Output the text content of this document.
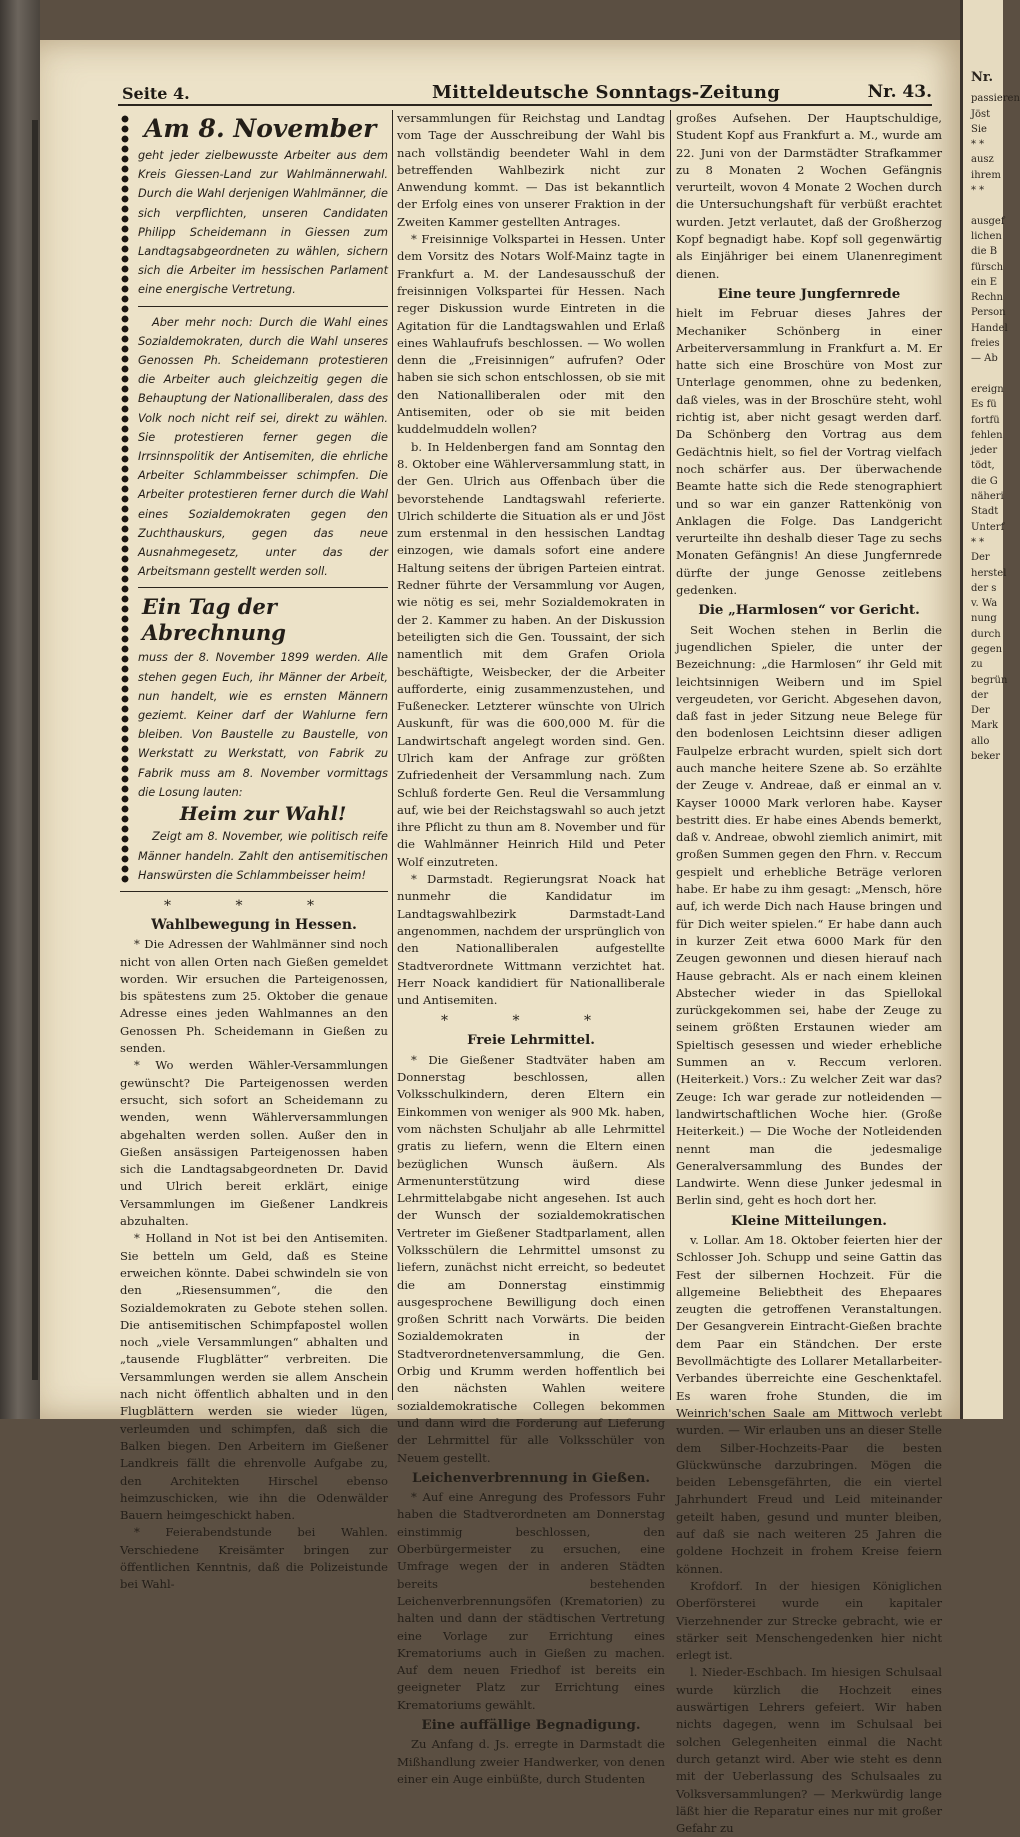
Nr.
passieren
Jöst
Sie
* *
ausz
ihrem
* *

ausgef
lichen
die B
fürsch
ein E
Rechn
Person
Handel
freies
— Ab

ereign
Es fü
fortfü
fehlen
jeder
tödt,
die G
näheri
Stadt
Unterf
* *
Der
herstel
der s
v. Wa
nung
durch
gegen
zu
begrün
der
Der
Mark
allo
beker
Seite 4.	Mitteldeutsche Sonntags-Zeitung	Nr. 43.
Am 8. November

geht jeder zielbewusste Arbeiter aus dem Kreis Giessen-Land zur Wahlmännerwahl. Durch die Wahl derjenigen Wahlmänner, die sich verpflichten, unseren Candidaten Philipp Scheidemann in Giessen zum Landtagsabgeordneten zu wählen, sichern sich die Arbeiter im hessischen Parlament eine energische Vertretung.

Aber mehr noch: Durch die Wahl eines Sozialdemokraten, durch die Wahl unseres Genossen Ph. Scheidemann protestieren die Arbeiter auch gleichzeitig gegen die Behauptung der Nationalliberalen, dass des Volk noch nicht reif sei, direkt zu wählen. Sie protestieren ferner gegen die Irrsinnspolitik der Antisemiten, die ehrliche Arbeiter Schlammbeisser schimpfen. Die Arbeiter protestieren ferner durch die Wahl eines Sozialdemokraten gegen den Zuchthauskurs, gegen das neue Ausnahmegesetz, unter das der Arbeitsmann gestellt werden soll.

Ein Tag der Abrechnung

muss der 8. November 1899 werden. Alle stehen gegen Euch, ihr Männer der Arbeit, nun handelt, wie es ernsten Männern geziemt. Keiner darf der Wahlurne fern bleiben. Von Baustelle zu Baustelle, von Werkstatt zu Werkstatt, von Fabrik zu Fabrik muss am 8. November vormittags die Losung lauten:

Heim zur Wahl!

Zeigt am 8. November, wie politisch reife Männer handeln. Zahlt den antisemitischen Hanswürsten die Schlammbeisser heim!

* * *
Wahlbewegung in Hessen.

* Die Adressen der Wahlmänner sind noch nicht von allen Orten nach Gießen gemeldet worden. Wir ersuchen die Parteigenossen, bis spätestens zum 25. Oktober die genaue Adresse eines jeden Wahlmannes an den Genossen Ph. Scheidemann in Gießen zu senden.

* Wo werden Wähler-Versammlungen gewünscht? Die Parteigenossen werden ersucht, sich sofort an Scheidemann zu wenden, wenn Wählerversammlungen abgehalten werden sollen. Außer den in Gießen ansässigen Parteigenossen haben sich die Landtagsabgeordneten Dr. David und Ulrich bereit erklärt, einige Versammlungen im Gießener Landkreis abzuhalten.

* Holland in Not ist bei den Antisemiten. Sie betteln um Geld, daß es Steine erweichen könnte. Dabei schwindeln sie von den „Riesensummen“, die den Sozialdemokraten zu Gebote stehen sollen. Die antisemitischen Schimpfapostel wollen noch „viele Versammlungen“ abhalten und „tausende Flugblätter“ verbreiten. Die Versammlungen werden sie allem Anschein nach nicht öffentlich abhalten und in den Flugblättern werden sie wieder lügen, verleumden und schimpfen, daß sich die Balken biegen. Den Arbeitern im Gießener Landkreis fällt die ehrenvolle Aufgabe zu, den Architekten Hirschel ebenso heimzuschicken, wie ihn die Odenwälder Bauern heimgeschickt haben.

* Feierabendstunde bei Wahlen. Verschiedene Kreisämter bringen zur öffentlichen Kenntnis, daß die Polizeistunde bei Wahl-

versammlungen für Reichstag und Landtag vom Tage der Ausschreibung der Wahl bis nach vollständig beendeter Wahl in dem betreffenden Wahlbezirk nicht zur Anwendung kommt. — Das ist bekanntlich der Erfolg eines von unserer Fraktion in der Zweiten Kammer gestellten Antrages.

* Freisinnige Volkspartei in Hessen. Unter dem Vorsitz des Notars Wolf-Mainz tagte in Frankfurt a. M. der Landesausschuß der freisinnigen Volkspartei für Hessen. Nach reger Diskussion wurde Eintreten in die Agitation für die Landtagswahlen und Erlaß eines Wahlaufrufs beschlossen. — Wo wollen denn die „Freisinnigen“ aufrufen? Oder haben sie sich schon entschlossen, ob sie mit den Nationalliberalen oder mit den Antisemiten, oder ob sie mit beiden kuddelmuddeln wollen?

b. In Heldenbergen fand am Sonntag den 8. Oktober eine Wählerversammlung statt, in der Gen. Ulrich aus Offenbach über die bevorstehende Landtagswahl referierte. Ulrich schilderte die Situation als er und Jöst zum erstenmal in den hessischen Landtag einzogen, wie damals sofort eine andere Haltung seitens der übrigen Parteien eintrat. Redner führte der Versammlung vor Augen, wie nötig es sei, mehr Sozialdemokraten in der 2. Kammer zu haben. An der Diskussion beteiligten sich die Gen. Toussaint, der sich namentlich mit dem Grafen Oriola beschäftigte, Weisbecker, der die Arbeiter aufforderte, einig zusammenzustehen, und Fußenecker. Letzterer wünschte von Ulrich Auskunft, für was die 600,000 M. für die Landwirtschaft angelegt worden sind. Gen. Ulrich kam der Anfrage zur größten Zufriedenheit der Versammlung nach. Zum Schluß forderte Gen. Reul die Versammlung auf, wie bei der Reichstagswahl so auch jetzt ihre Pflicht zu thun am 8. November und für die Wahlmänner Heinrich Hild und Peter Wolf einzutreten.

* Darmstadt. Regierungsrat Noack hat nunmehr die Kandidatur im Landtagswahlbezirk Darmstadt-Land angenommen, nachdem der ursprünglich von den Nationalliberalen aufgestellte Stadtverordnete Wittmann verzichtet hat. Herr Noack kandidiert für Nationalliberale und Antisemiten.

* * *
Freie Lehrmittel.

* Die Gießener Stadtväter haben am Donnerstag beschlossen, allen Volksschulkindern, deren Eltern ein Einkommen von weniger als 900 Mk. haben, vom nächsten Schuljahr ab alle Lehrmittel gratis zu liefern, wenn die Eltern einen bezüglichen Wunsch äußern. Als Armenunterstützung wird diese Lehrmittelabgabe nicht angesehen. Ist auch der Wunsch der sozialdemokratischen Vertreter im Gießener Stadtparlament, allen Volksschülern die Lehrmittel umsonst zu liefern, zunächst nicht erreicht, so bedeutet die am Donnerstag einstimmig ausgesprochene Bewilligung doch einen großen Schritt nach Vorwärts. Die beiden Sozialdemokraten in der Stadtverordnetenversammlung, die Gen. Orbig und Krumm werden hoffentlich bei den nächsten Wahlen weitere sozialdemokratische Collegen bekommen und dann wird die Forderung auf Lieferung der Lehrmittel für alle Volksschüler von Neuem gestellt.

Leichenverbrennung in Gießen.

* Auf eine Anregung des Professors Fuhr haben die Stadtverordneten am Donnerstag einstimmig beschlossen, den Oberbürgermeister zu ersuchen, eine Umfrage wegen der in anderen Städten bereits bestehenden Leichenverbrennungsöfen (Krematorien) zu halten und dann der städtischen Vertretung eine Vorlage zur Errichtung eines Krematoriums auch in Gießen zu machen. Auf dem neuen Friedhof ist bereits ein geeigneter Platz zur Errichtung eines Krematoriums gewählt.

Eine auffällige Begnadigung.

Zu Anfang d. Js. erregte in Darmstadt die Mißhandlung zweier Handwerker, von denen einer ein Auge einbüßte, durch Studenten

großes Aufsehen. Der Hauptschuldige, Student Kopf aus Frankfurt a. M., wurde am 22. Juni von der Darmstädter Strafkammer zu 8 Monaten 2 Wochen Gefängnis verurteilt, wovon 4 Monate 2 Wochen durch die Untersuchungshaft für verbüßt erachtet wurden. Jetzt verlautet, daß der Großherzog Kopf begnadigt habe. Kopf soll gegenwärtig als Einjähriger bei einem Ulanenregiment dienen.

Eine teure Jungfernrede

hielt im Februar dieses Jahres der Mechaniker Schönberg in einer Arbeiterversammlung in Frankfurt a. M. Er hatte sich eine Broschüre von Most zur Unterlage genommen, ohne zu bedenken, daß vieles, was in der Broschüre steht, wohl richtig ist, aber nicht gesagt werden darf. Da Schönberg den Vortrag aus dem Gedächtnis hielt, so fiel der Vortrag vielfach noch schärfer aus. Der überwachende Beamte hatte sich die Rede stenographiert und so war ein ganzer Rattenkönig von Anklagen die Folge. Das Landgericht verurteilte ihn deshalb dieser Tage zu sechs Monaten Gefängnis! An diese Jungfernrede dürfte der junge Genosse zeitlebens gedenken.

Die „Harmlosen“ vor Gericht.

Seit Wochen stehen in Berlin die jugendlichen Spieler, die unter der Bezeichnung: „die Harmlosen“ ihr Geld mit leichtsinnigen Weibern und im Spiel vergeudeten, vor Gericht. Abgesehen davon, daß fast in jeder Sitzung neue Belege für den bodenlosen Leichtsinn dieser adligen Faulpelze erbracht wurden, spielt sich dort auch manche heitere Szene ab. So erzählte der Zeuge v. Andreae, daß er einmal an v. Kayser 10000 Mark verloren habe. Kayser bestritt dies. Er habe eines Abends bemerkt, daß v. Andreae, obwohl ziemlich animirt, mit großen Summen gegen den Fhrn. v. Reccum gespielt und erhebliche Beträge verloren habe. Er habe zu ihm gesagt: „Mensch, höre auf, ich werde Dich nach Hause bringen und für Dich weiter spielen.“ Er habe dann auch in kurzer Zeit etwa 6000 Mark für den Zeugen gewonnen und diesen hierauf nach Hause gebracht. Als er nach einem kleinen Abstecher wieder in das Spiellokal zurückgekommen sei, habe der Zeuge zu seinem größten Erstaunen wieder am Spieltisch gesessen und wieder erhebliche Summen an v. Reccum verloren. (Heiterkeit.) Vors.: Zu welcher Zeit war das? Zeuge: Ich war gerade zur notleidenden — landwirtschaftlichen Woche hier. (Große Heiterkeit.) — Die Woche der Notleidenden nennt man die jedesmalige Generalversammlung des Bundes der Landwirte. Wenn diese Junker jedesmal in Berlin sind, geht es hoch dort her.

Kleine Mitteilungen.

v. Lollar. Am 18. Oktober feierten hier der Schlosser Joh. Schupp und seine Gattin das Fest der silbernen Hochzeit. Für die allgemeine Beliebtheit des Ehepaares zeugten die getroffenen Veranstaltungen. Der Gesangverein Eintracht-Gießen brachte dem Paar ein Ständchen. Der erste Bevollmächtigte des Lollarer Metallarbeiter-Verbandes überreichte eine Geschenktafel. Es waren frohe Stunden, die im Weinrich'schen Saale am Mittwoch verlebt wurden. — Wir erlauben uns an dieser Stelle dem Silber-Hochzeits-Paar die besten Glückwünsche darzubringen. Mögen die beiden Lebensgefährten, die ein viertel Jahrhundert Freud und Leid miteinander geteilt haben, gesund und munter bleiben, auf daß sie nach weiteren 25 Jahren die goldene Hochzeit in frohem Kreise feiern können.

Krofdorf. In der hiesigen Königlichen Oberförsterei wurde ein kapitaler Vierzehnender zur Strecke gebracht, wie er stärker seit Menschengedenken hier nicht erlegt ist.

l. Nieder-Eschbach. Im hiesigen Schulsaal wurde kürzlich die Hochzeit eines auswärtigen Lehrers gefeiert. Wir haben nichts dagegen, wenn im Schulsaal bei solchen Gelegenheiten einmal die Nacht durch getanzt wird. Aber wie steht es denn mit der Ueberlassung des Schulsaales zu Volksversammlungen? — Merkwürdig lange läßt hier die Reparatur eines nur mit großer Gefahr zu
